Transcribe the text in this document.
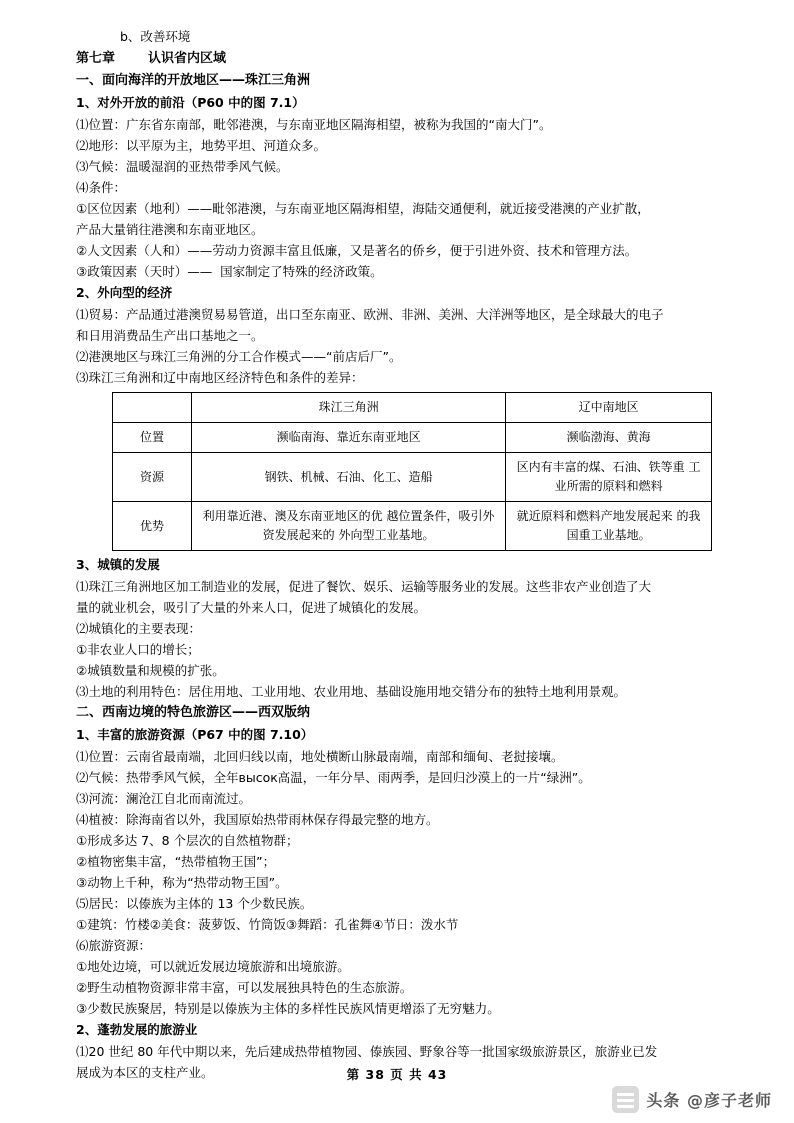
b、改善环境
第七章	认识省内区域
一、面向海洋的开放地区——珠江三角洲
1、对外开放的前沿（P60 中的图 7.1）
⑴位置：广东省东南部，毗邻港澳，与东南亚地区隔海相望，被称为我国的“南大门”。
⑵地形：以平原为主，地势平坦、河道众多。
⑶气候：温暖湿润的亚热带季风气候。
⑷条件：
①区位因素（地利）——毗邻港澳，与东南亚地区隔海相望，海陆交通便利，就近接受港澳的产业扩散，
产品大量销往港澳和东南亚地区。
②人文因素（人和）——劳动力资源丰富且低廉，又是著名的侨乡，便于引进外资、技术和管理方法。
③政策因素（天时）——  国家制定了特殊的经济政策。
2、外向型的经济
⑴贸易：产品通过港澳贸易易管道，出口至东南亚、欧洲、非洲、美洲、大洋洲等地区，是全球最大的电子
和日用消费品生产出口基地之一。
⑵港澳地区与珠江三角洲的分工合作模式——“前店后厂”。
⑶珠江三角洲和辽中南地区经济特色和条件的差异：
	珠江三角洲	辽中南地区
位置	濒临南海、靠近东南亚地区	濒临渤海、黄海
资源	钢铁、机械、石油、化工、造船	区内有丰富的煤、石油、铁等重 工业所需的原料和燃料
优势	利用靠近港、澳及东南亚地区的优 越位置条件，吸引外资发展起来的 外向型工业基地。	就近原料和燃料产地发展起来 的我国重工业基地。
3、城镇的发展
⑴珠江三角洲地区加工制造业的发展，促进了餐饮、娱乐、运输等服务业的发展。这些非农产业创造了大
量的就业机会，吸引了大量的外来人口，促进了城镇化的发展。
⑵城镇化的主要表现：
①非农业人口的增长；
②城镇数量和规模的扩张。
⑶土地的利用特色：居住用地、工业用地、农业用地、基础设施用地交错分布的独特土地利用景观。
二、西南边境的特色旅游区——西双版纳
1、丰富的旅游资源（P67 中的图 7.10）
⑴位置：云南省最南端，北回归线以南，地处横断山脉最南端，南部和缅甸、老挝接壤。
⑵气候：热带季风气候，全年высок高温，一年分旱、雨两季，是回归沙漠上的一片“绿洲”。
⑶河流：澜沧江自北而南流过。
⑷植被：除海南省以外，我国原始热带雨林保存得最完整的地方。
①形成多达 7、8 个层次的自然植物群；
②植物密集丰富，“热带植物王国”；
③动物上千种，称为“热带动物王国”。
⑸居民：以傣族为主体的 13 个少数民族。
①建筑：竹楼②美食：菠萝饭、竹筒饭③舞蹈：孔雀舞④节日：泼水节
⑹旅游资源：
①地处边境，可以就近发展边境旅游和出境旅游。
②野生动植物资源非常丰富，可以发展独具特色的生态旅游。
③少数民族聚居，特别是以傣族为主体的多样性民族风情更增添了无穷魅力。
2、蓬勃发展的旅游业
⑴20 世纪 80 年代中期以来，先后建成热带植物园、傣族园、野象谷等一批国家级旅游景区，旅游业已发
展成为本区的支柱产业。	第 38 页 共 43
头条 @彦子老师
